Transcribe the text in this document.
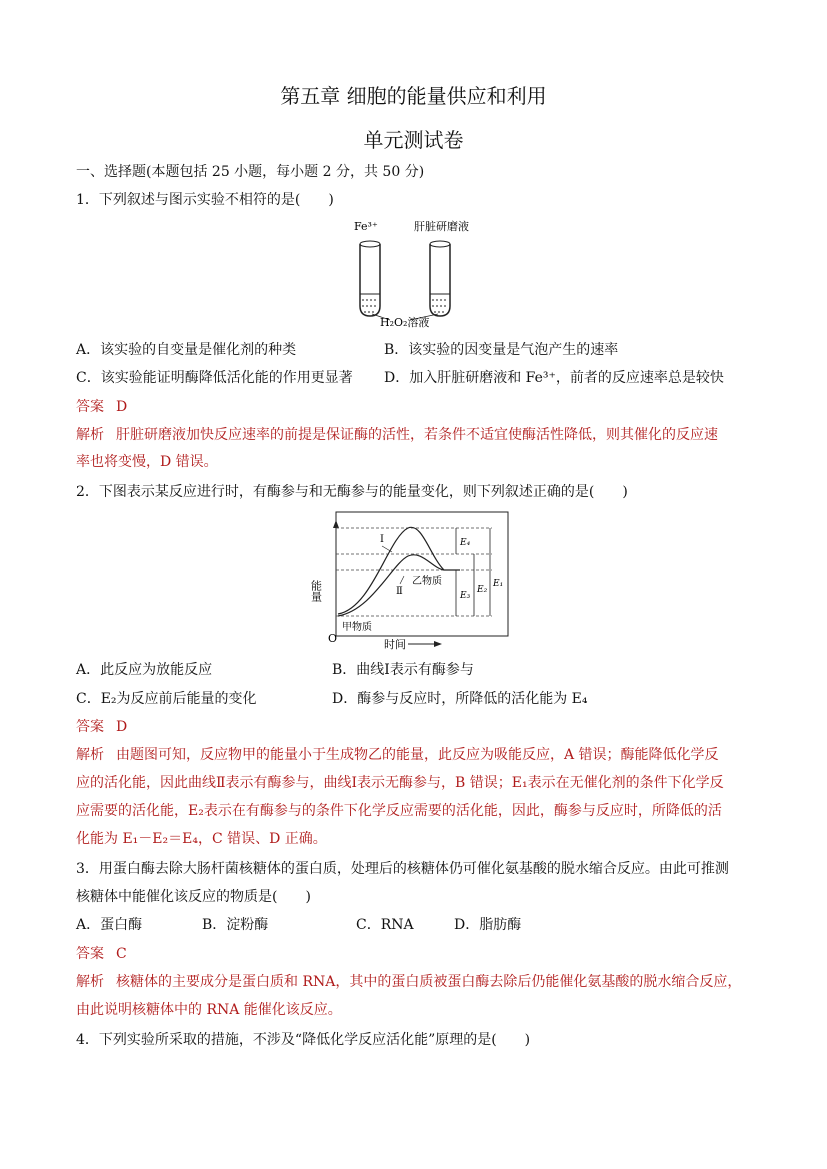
第五章 细胞的能量供应和利用
单元测试卷
一、选择题(本题包括 25 小题，每小题 2 分，共 50 分)
1．下列叙述与图示实验不相符的是(　　)
Fe³⁺	肝脏研磨液
H₂O₂溶液
A．该实验的自变量是催化剂的种类	B．该实验的因变量是气泡产生的速率
C．该实验能证明酶降低活化能的作用更显著 D．加入肝脏研磨液和 Fe³⁺，前者的反应速率总是较快
答案 D
解析 肝脏研磨液加快反应速率的前提是保证酶的活性，若条件不适宜使酶活性降低，则其催化的反应速
率也将变慢，D 错误。
2．下图表示某反应进行时，有酶参与和无酶参与的能量变化，则下列叙述正确的是(　　)
能量
O	时间
Ⅰ
Ⅱ
乙物质
甲物质
E₄
E₃
E₂
E₁
A．此反应为放能反应	B．曲线Ⅰ表示有酶参与
C．E₂为反应前后能量的变化	D．酶参与反应时，所降低的活化能为 E₄
答案 D
解析 由题图可知，反应物甲的能量小于生成物乙的能量，此反应为吸能反应，A 错误；酶能降低化学反
应的活化能，因此曲线Ⅱ表示有酶参与，曲线Ⅰ表示无酶参与，B 错误；E₁表示在无催化剂的条件下化学反
应需要的活化能，E₂表示在有酶参与的条件下化学反应需要的活化能，因此，酶参与反应时，所降低的活
化能为 E₁－E₂＝E₄，C 错误、D 正确。
3．用蛋白酶去除大肠杆菌核糖体的蛋白质，处理后的核糖体仍可催化氨基酸的脱水缩合反应。由此可推测
核糖体中能催化该反应的物质是(　　)
A．蛋白酶	B．淀粉酶	C．RNA	D．脂肪酶
答案 C
解析 核糖体的主要成分是蛋白质和 RNA，其中的蛋白质被蛋白酶去除后仍能催化氨基酸的脱水缩合反应，
由此说明核糖体中的 RNA 能催化该反应。
4．下列实验所采取的措施，不涉及“降低化学反应活化能”原理的是(　　)
